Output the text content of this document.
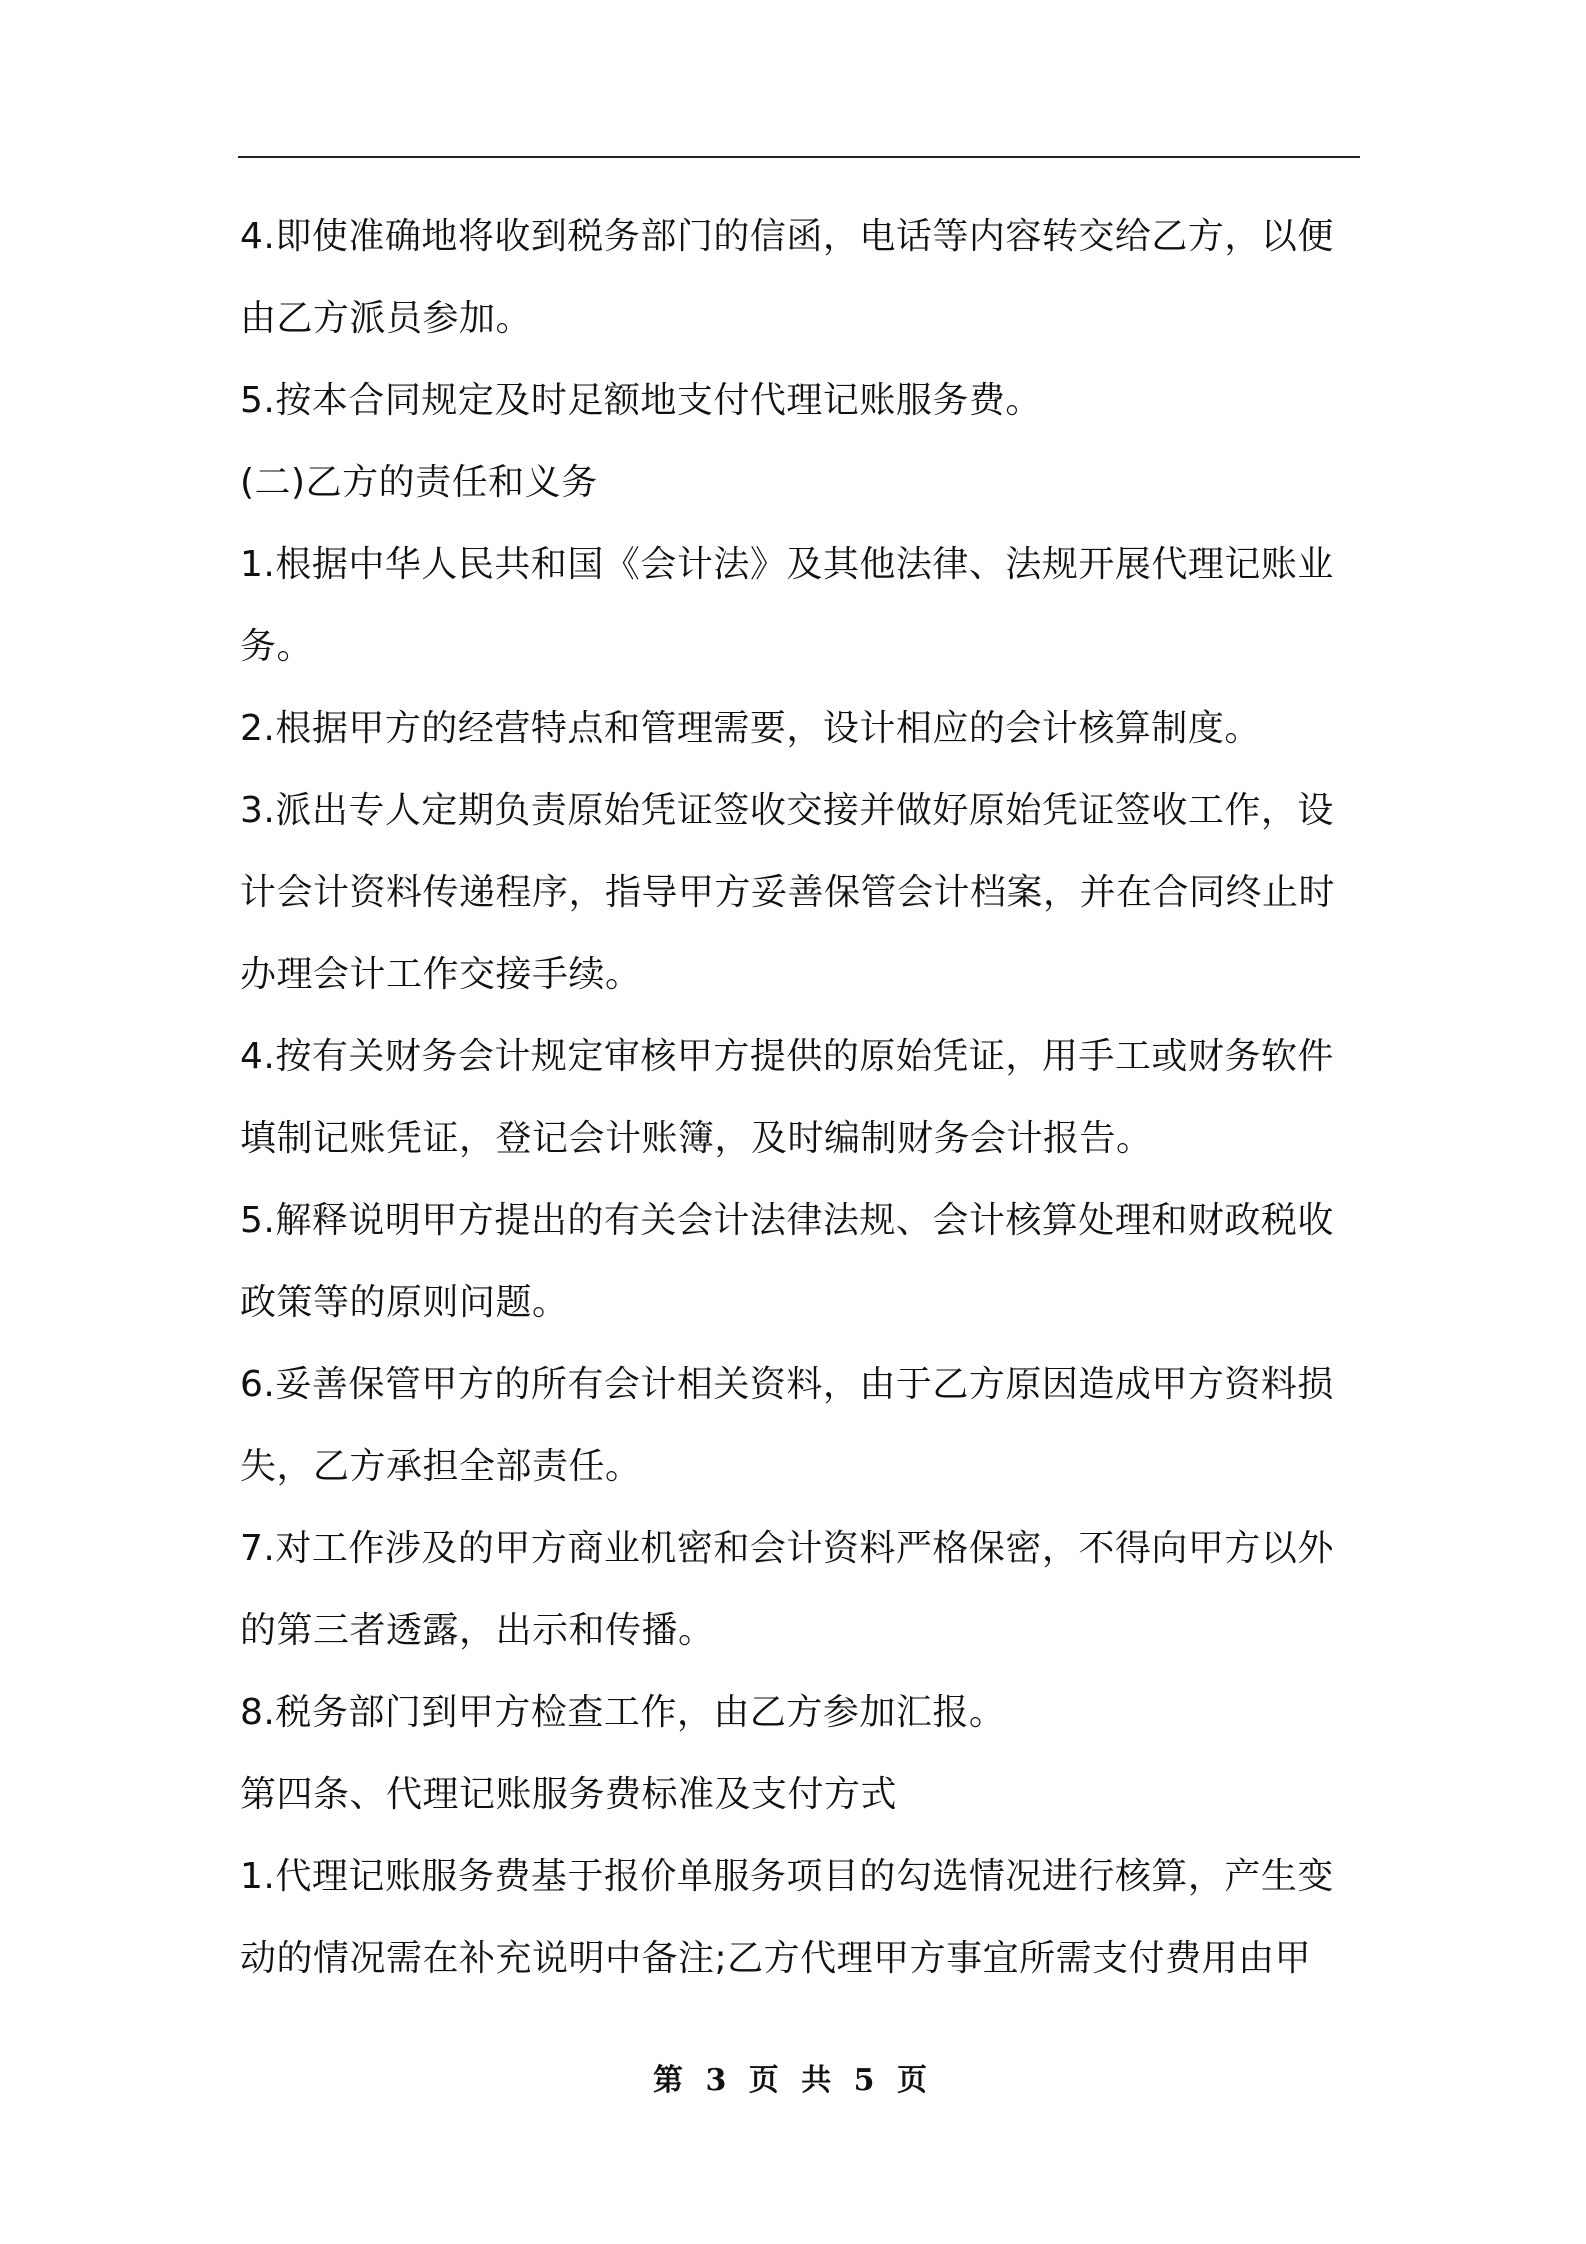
4.即使准确地将收到税务部门的信函，电话等内容转交给乙方，以便由乙方派员参加。

5.按本合同规定及时足额地支付代理记账服务费。

(二)乙方的责任和义务

1.根据中华人民共和国《会计法》及其他法律、法规开展代理记账业务。

2.根据甲方的经营特点和管理需要，设计相应的会计核算制度。

3.派出专人定期负责原始凭证签收交接并做好原始凭证签收工作，设计会计资料传递程序，指导甲方妥善保管会计档案，并在合同终止时办理会计工作交接手续。

4.按有关财务会计规定审核甲方提供的原始凭证，用手工或财务软件填制记账凭证，登记会计账簿，及时编制财务会计报告。

5.解释说明甲方提出的有关会计法律法规、会计核算处理和财政税收政策等的原则问题。

6.妥善保管甲方的所有会计相关资料，由于乙方原因造成甲方资料损失，乙方承担全部责任。

7.对工作涉及的甲方商业机密和会计资料严格保密，不得向甲方以外的第三者透露，出示和传播。

8.税务部门到甲方检查工作，由乙方参加汇报。

第四条、代理记账服务费标准及支付方式

1.代理记账服务费基于报价单服务项目的勾选情况进行核算，产生变动的情况需在补充说明中备注;乙方代理甲方事宜所需支付费用由甲

第 3 页 共 5 页
